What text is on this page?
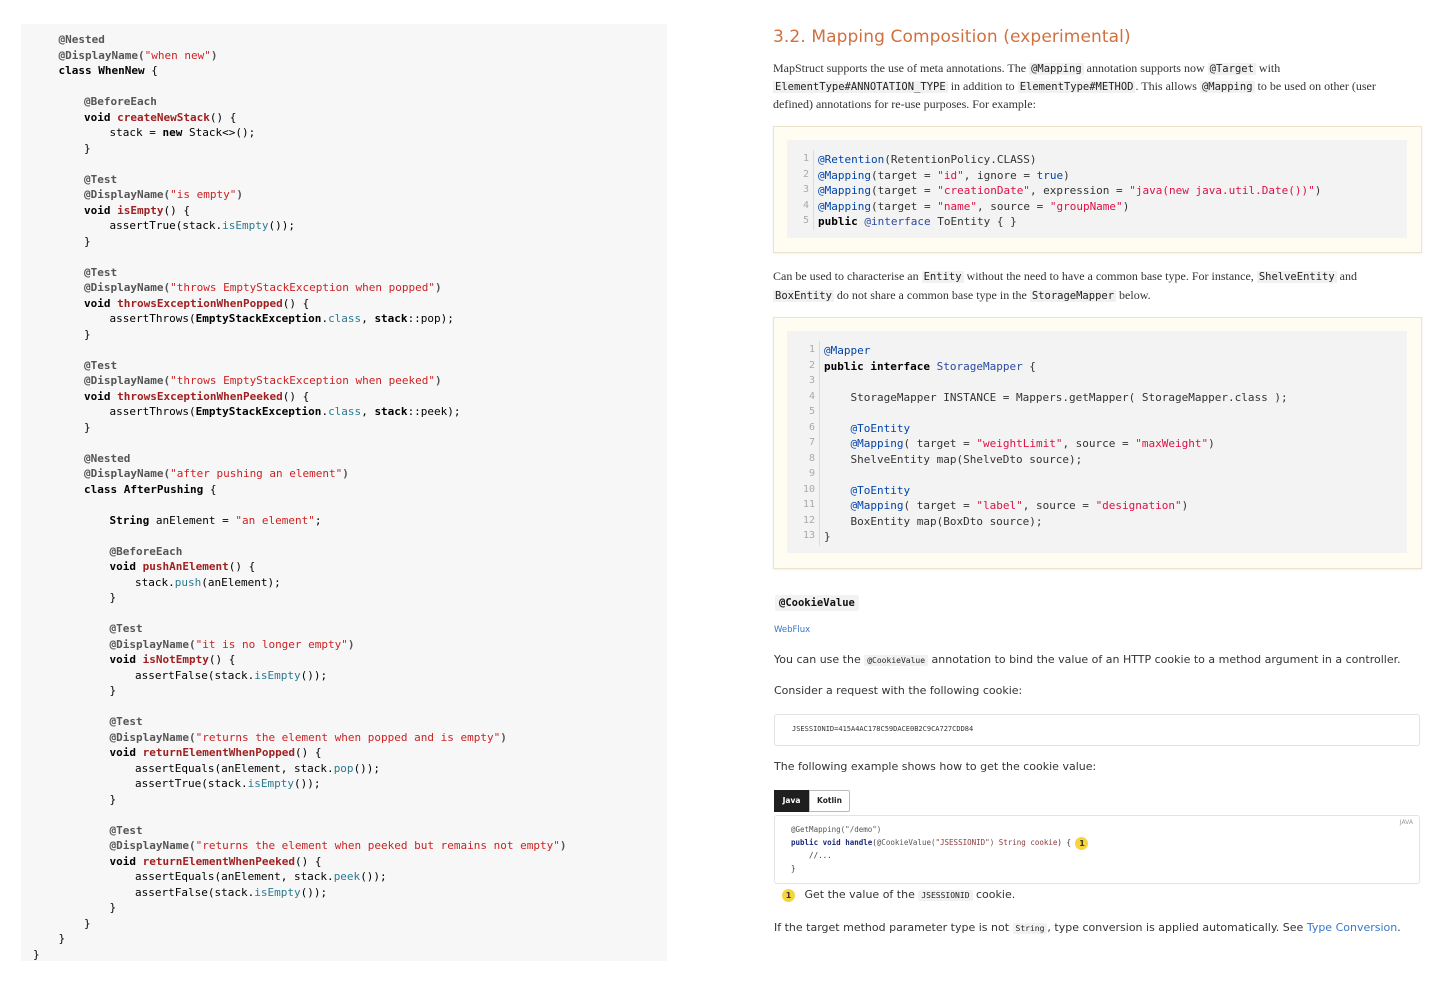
@Nested
@DisplayName("when new")
class WhenNew {
@BeforeEach
void createNewStack() {
stack = new Stack<>();
}
@Test
@DisplayName("is empty")
void isEmpty() {
assertTrue(stack.isEmpty());
}
@Test
@DisplayName("throws EmptyStackException when popped")
void throwsExceptionWhenPopped() {
assertThrows(EmptyStackException.class, stack::pop);
}
@Test
@DisplayName("throws EmptyStackException when peeked")
void throwsExceptionWhenPeeked() {
assertThrows(EmptyStackException.class, stack::peek);
}
@Nested
@DisplayName("after pushing an element")
class AfterPushing {
String anElement = "an element";
@BeforeEach
void pushAnElement() {
stack.push(anElement);
}
@Test
@DisplayName("it is no longer empty")
void isNotEmpty() {
assertFalse(stack.isEmpty());
}
@Test
@DisplayName("returns the element when popped and is empty")
void returnElementWhenPopped() {
assertEquals(anElement, stack.pop());
assertTrue(stack.isEmpty());
}
@Test
@DisplayName("returns the element when peeked but remains not empty")
void returnElementWhenPeeked() {
assertEquals(anElement, stack.peek());
assertFalse(stack.isEmpty());
}
}
}
}
3.2. Mapping Composition (experimental)

MapStruct supports the use of meta annotations. The @Mapping annotation supports now @Target with

ElementType#ANNOTATION_TYPE in addition to ElementType#METHOD . This allows @Mapping to be used on other (user

defined) annotations for re-use purposes. For example:

1 @Retention(RetentionPolicy.CLASS)
2 @Mapping(target = "id", ignore = true)
3 @Mapping(target = "creationDate", expression = "java(new java.util.Date())")
4 @Mapping(target = "name", source = "groupName")
5 public @interface ToEntity { }

Can be used to characterise an Entity without the need to have a common base type. For instance, ShelveEntity and

BoxEntity do not share a common base type in the StorageMapper below.

1 @Mapper
2 public interface StorageMapper {
3
4 StorageMapper INSTANCE = Mappers.getMapper( StorageMapper.class );
5
6	@ToEntity
7	@Mapping( target = "weightLimit", source = "maxWeight")
8 ShelveEntity map(ShelveDto source);
9
10	@ToEntity
11	@Mapping( target = "label", source = "designation")
12 BoxEntity map(BoxDto source);
13 }
@CookieValue
WebFlux

You can use the @CookieValue annotation to bind the value of an HTTP cookie to a method argument in a controller.

Consider a request with the following cookie:

JSESSIONID=415A4AC178C59DACE0B2C9CA727CDD84

The following example shows how to get the cookie value:

Java	Kotlin
JAVA
@GetMapping("/demo")
public void handle(@CookieValue("JSESSIONID") String cookie) { 1
//...
}
1 Get the value of the JSESSIONID cookie.

If the target method parameter type is not String , type conversion is applied automatically. See Type Conversion.
